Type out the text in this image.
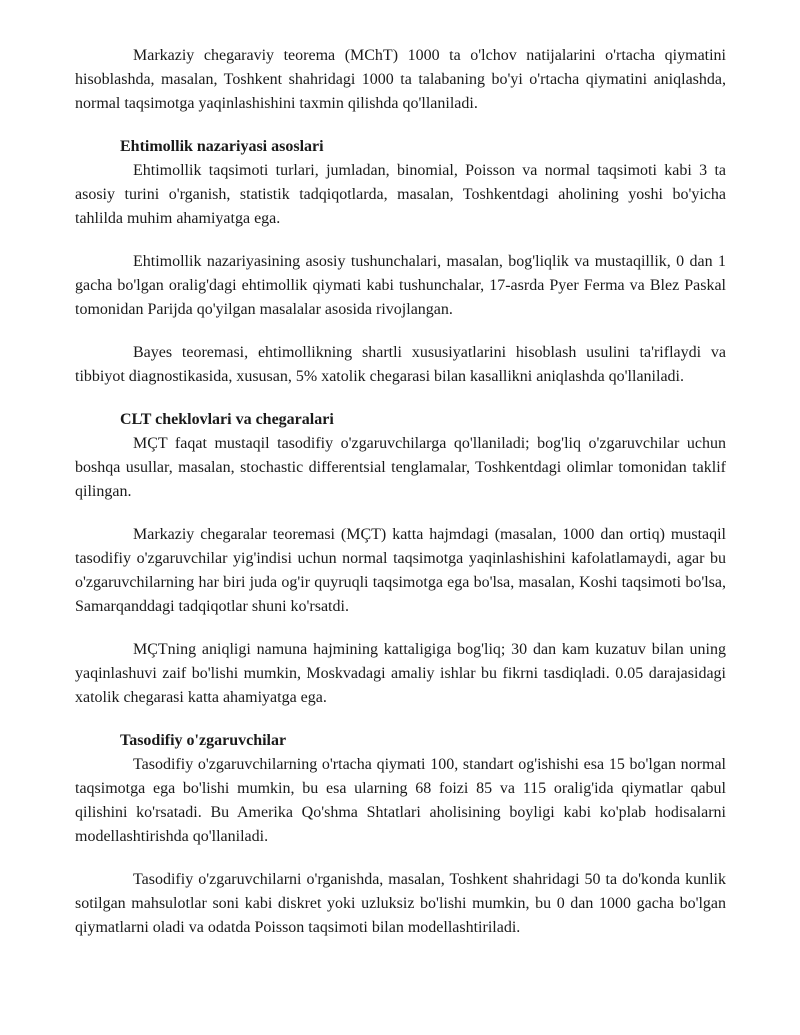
Markaziy chegaraviy teorema (MChT) 1000 ta o'lchov natijalarini o'rtacha qiymatini hisoblashda, masalan, Toshkent shahridagi 1000 ta talabaning bo'yi o'rtacha qiymatini aniqlashda, normal taqsimotga yaqinlashishini taxmin qilishda qo'llaniladi.

Ehtimollik nazariyasi asoslari

Ehtimollik taqsimoti turlari, jumladan, binomial, Poisson va normal taqsimoti kabi 3 ta asosiy turini o'rganish, statistik tadqiqotlarda, masalan, Toshkentdagi aholining yoshi bo'yicha tahlilda muhim ahamiyatga ega.

Ehtimollik nazariyasining asosiy tushunchalari, masalan, bog'liqlik va mustaqillik, 0 dan 1 gacha bo'lgan oralig'dagi ehtimollik qiymati kabi tushunchalar, 17-asrda Pyer Ferma va Blez Paskal tomonidan Parijda qo'yilgan masalalar asosida rivojlangan.

Bayes teoremasi, ehtimollikning shartli xususiyatlarini hisoblash usulini ta'riflaydi va tibbiyot diagnostikasida, xususan, 5% xatolik chegarasi bilan kasallikni aniqlashda qo'llaniladi.

CLT cheklovlari va chegaralari

MÇT faqat mustaqil tasodifiy o'zgaruvchilarga qo'llaniladi; bog'liq o'zgaruvchilar uchun boshqa usullar, masalan, stochastic differentsial tenglamalar, Toshkentdagi olimlar tomonidan taklif qilingan.

Markaziy chegaralar teoremasi (MÇT) katta hajmdagi (masalan, 1000 dan ortiq) mustaqil tasodifiy o'zgaruvchilar yig'indisi uchun normal taqsimotga yaqinlashishini kafolatlamaydi, agar bu o'zgaruvchilarning har biri juda og'ir quyruqli taqsimotga ega bo'lsa, masalan, Koshi taqsimoti bo'lsa, Samarqanddagi tadqiqotlar shuni ko'rsatdi.

MÇTning aniqligi namuna hajmining kattaligiga bog'liq; 30 dan kam kuzatuv bilan uning yaqinlashuvi zaif bo'lishi mumkin, Moskvadagi amaliy ishlar bu fikrni tasdiqladi. 0.05 darajasidagi xatolik chegarasi katta ahamiyatga ega.

Tasodifiy o'zgaruvchilar

Tasodifiy o'zgaruvchilarning o'rtacha qiymati 100, standart og'ishishi esa 15 bo'lgan normal taqsimotga ega bo'lishi mumkin, bu esa ularning 68 foizi 85 va 115 oralig'ida qiymatlar qabul qilishini ko'rsatadi. Bu Amerika Qo'shma Shtatlari aholisining boyligi kabi ko'plab hodisalarni modellashtirishda qo'llaniladi.

Tasodifiy o'zgaruvchilarni o'rganishda, masalan, Toshkent shahridagi 50 ta do'konda kunlik sotilgan mahsulotlar soni kabi diskret yoki uzluksiz bo'lishi mumkin, bu 0 dan 1000 gacha bo'lgan qiymatlarni oladi va odatda Poisson taqsimoti bilan modellashtiriladi.
